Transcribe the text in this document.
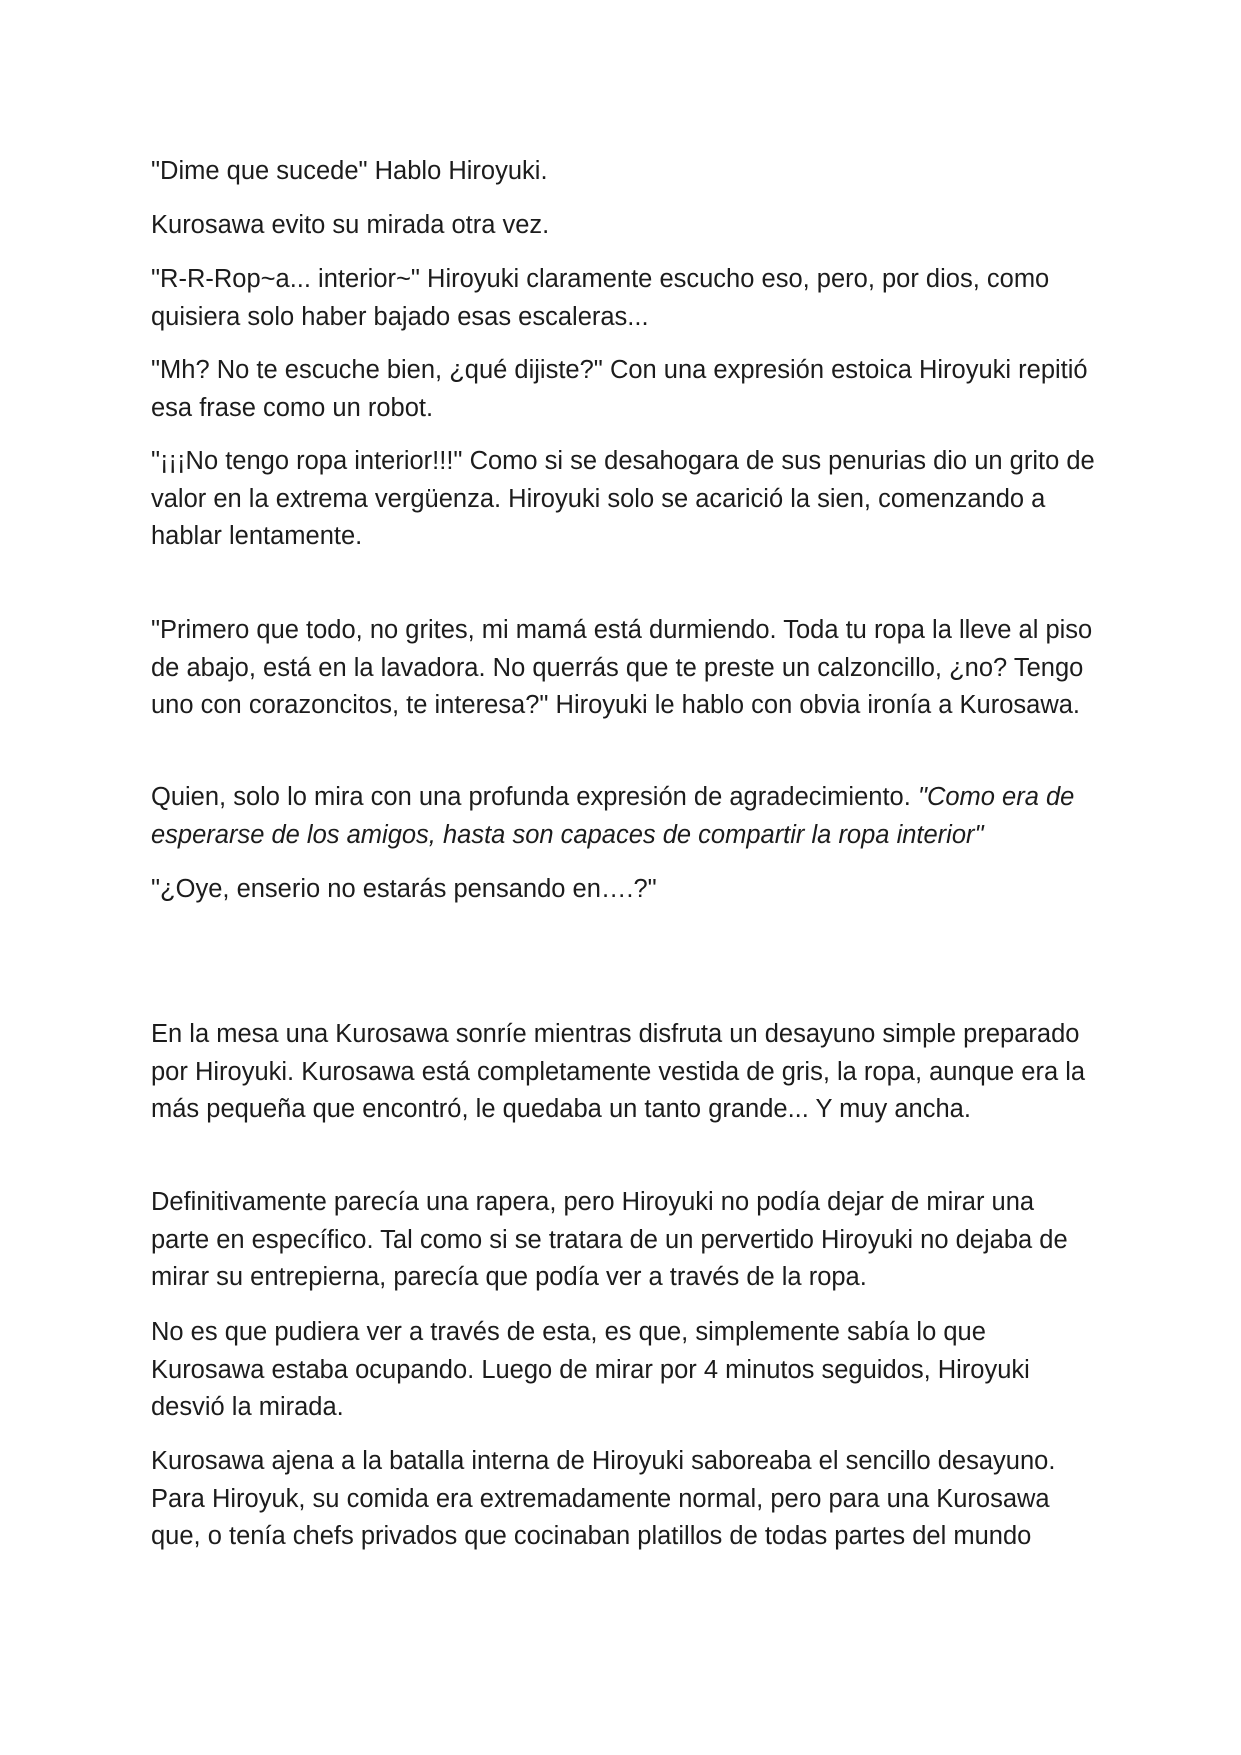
"Dime que sucede" Hablo Hiroyuki.

Kurosawa evito su mirada otra vez.

"R-R-Rop~a... interior~" Hiroyuki claramente escucho eso, pero, por dios, como quisiera solo haber bajado esas escaleras...

"Mh? No te escuche bien, ¿qué dijiste?" Con una expresión estoica Hiroyuki repitió esa frase como un robot.

"¡¡¡No tengo ropa interior!!!" Como si se desahogara de sus penurias dio un grito de valor en la extrema vergüenza. Hiroyuki solo se acarició la sien, comenzando a hablar lentamente.

"Primero que todo, no grites, mi mamá está durmiendo. Toda tu ropa la lleve al piso de abajo, está en la lavadora. No querrás que te preste un calzoncillo, ¿no? Tengo uno con corazoncitos, te interesa?" Hiroyuki le hablo con obvia ironía a Kurosawa.

Quien, solo lo mira con una profunda expresión de agradecimiento. "Como era de esperarse de los amigos, hasta son capaces de compartir la ropa interior"

"¿Oye, enserio no estarás pensando en….?"

En la mesa una Kurosawa sonríe mientras disfruta un desayuno simple preparado por Hiroyuki. Kurosawa está completamente vestida de gris, la ropa, aunque era la más pequeña que encontró, le quedaba un tanto grande... Y muy ancha.

Definitivamente parecía una rapera, pero Hiroyuki no podía dejar de mirar una parte en específico. Tal como si se tratara de un pervertido Hiroyuki no dejaba de mirar su entrepierna, parecía que podía ver a través de la ropa.

No es que pudiera ver a través de esta, es que, simplemente sabía lo que Kurosawa estaba ocupando. Luego de mirar por 4 minutos seguidos, Hiroyuki desvió la mirada.

Kurosawa ajena a la batalla interna de Hiroyuki saboreaba el sencillo desayuno. Para Hiroyuk, su comida era extremadamente normal, pero para una Kurosawa que, o tenía chefs privados que cocinaban platillos de todas partes del mundo
